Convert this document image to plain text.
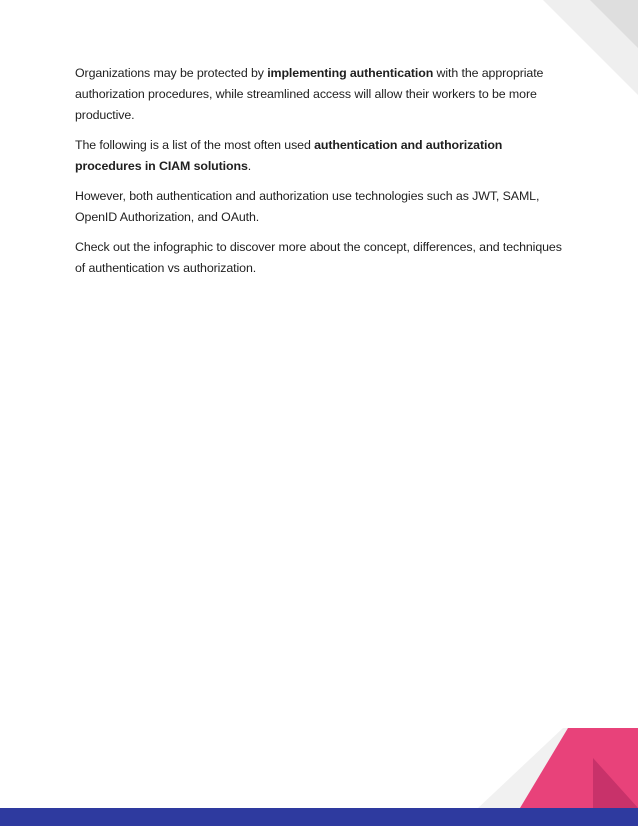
Organizations may be protected by implementing authentication with the appropriate authorization procedures, while streamlined access will allow their workers to be more productive.

The following is a list of the most often used authentication and authorization procedures in CIAM solutions.

However, both authentication and authorization use technologies such as JWT, SAML, OpenID Authorization, and OAuth.

Check out the infographic to discover more about the concept, differences, and techniques of authentication vs authorization.
